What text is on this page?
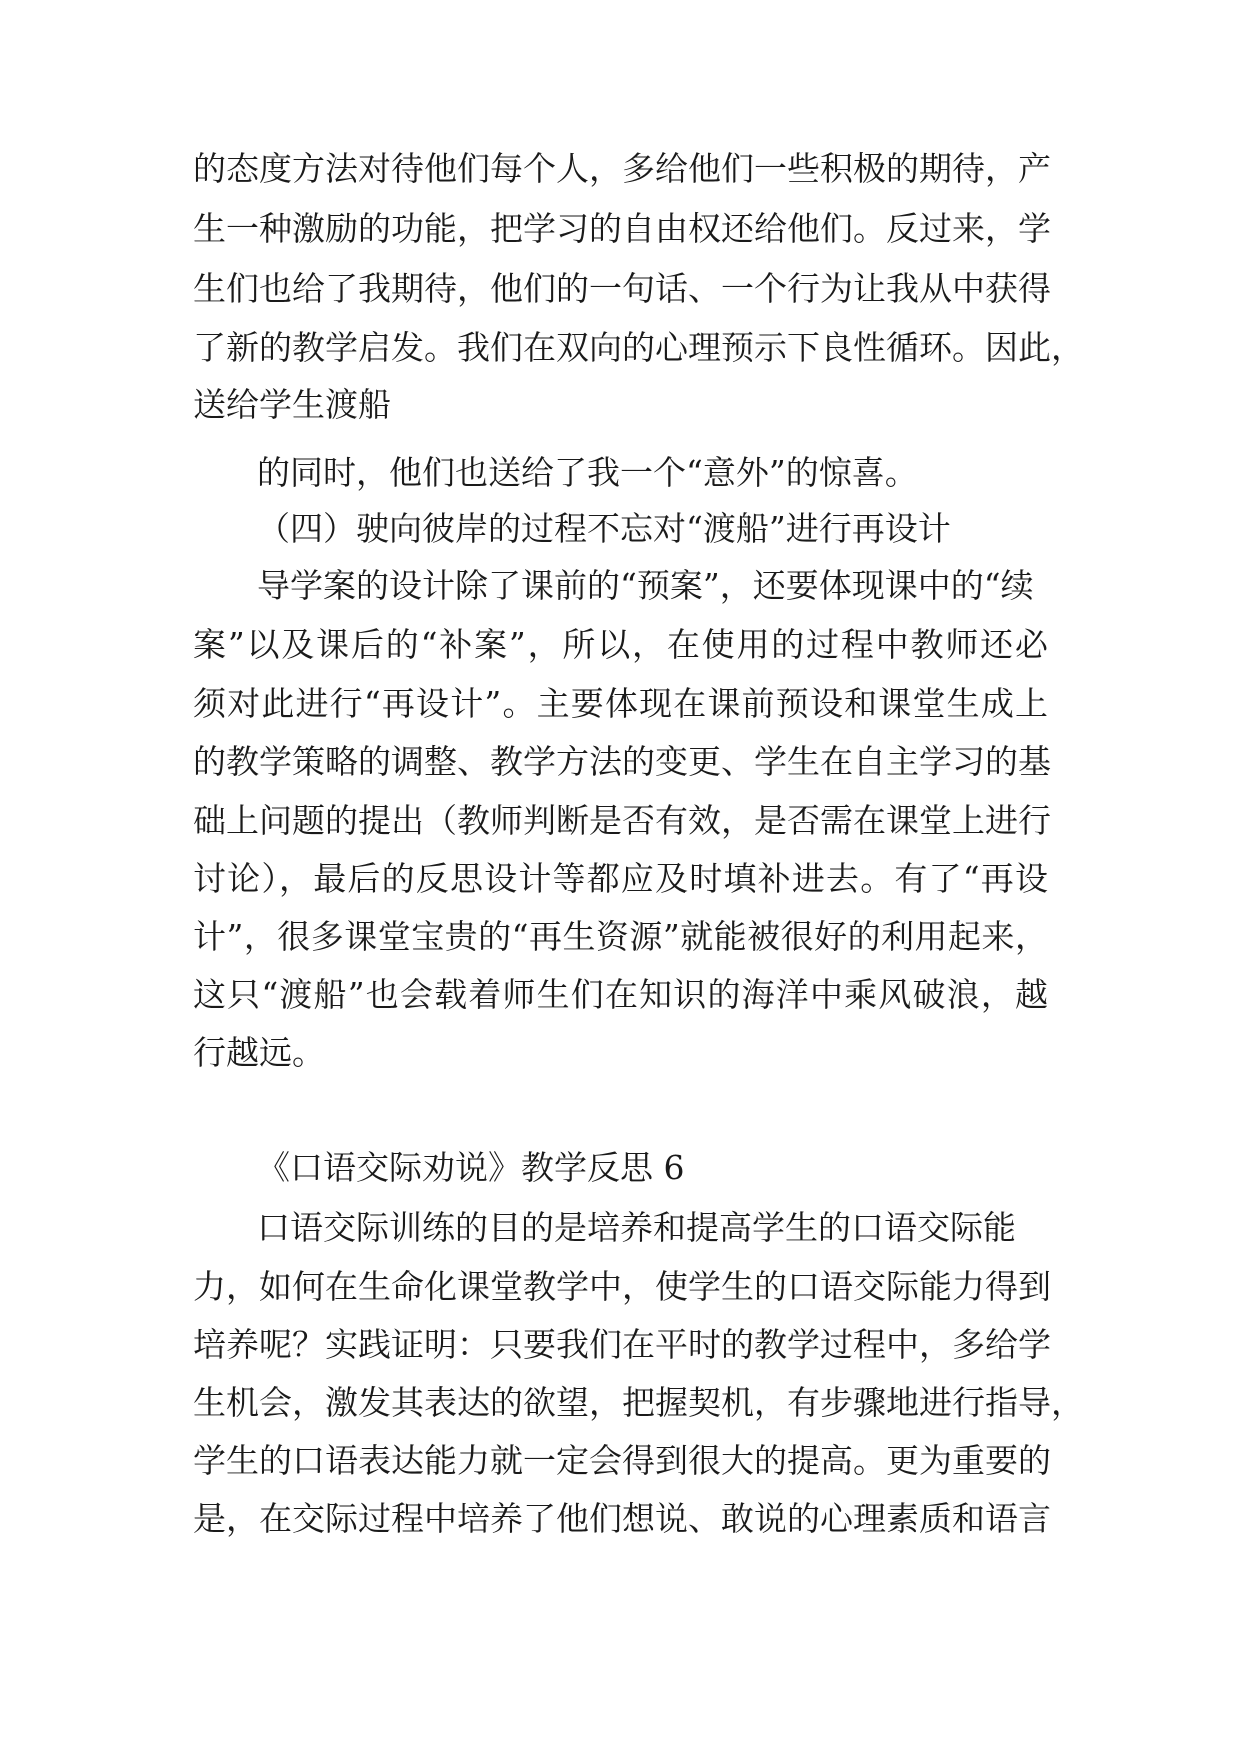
的态度方法对待他们每个人，多给他们一些积极的期待，产

生一种激励的功能，把学习的自由权还给他们。反过来，学

生们也给了我期待，他们的一句话、一个行为让我从中获得

了新的教学启发。我们在双向的心理预示下良性循环。因此，

送给学生渡船

的同时，他们也送给了我一个“意外”的惊喜。

（四）驶向彼岸的过程不忘对“渡船”进行再设计

导学案的设计除了课前的“预案”，还要体现课中的“续

案”以及课后的“补案”，所以，在使用的过程中教师还必

须对此进行“再设计”。主要体现在课前预设和课堂生成上

的教学策略的调整、教学方法的变更、学生在自主学习的基

础上问题的提出（教师判断是否有效，是否需在课堂上进行

讨论），最后的反思设计等都应及时填补进去。有了“再设

计”，很多课堂宝贵的“再生资源”就能被很好的利用起来，

这只“渡船”也会载着师生们在知识的海洋中乘风破浪，越

行越远。

《口语交际劝说》教学反思 6

口语交际训练的目的是培养和提高学生的口语交际能

力，如何在生命化课堂教学中，使学生的口语交际能力得到

培养呢？实践证明：只要我们在平时的教学过程中，多给学

生机会，激发其表达的欲望，把握契机，有步骤地进行指导，

学生的口语表达能力就一定会得到很大的提高。更为重要的

是，在交际过程中培养了他们想说、敢说的心理素质和语言
